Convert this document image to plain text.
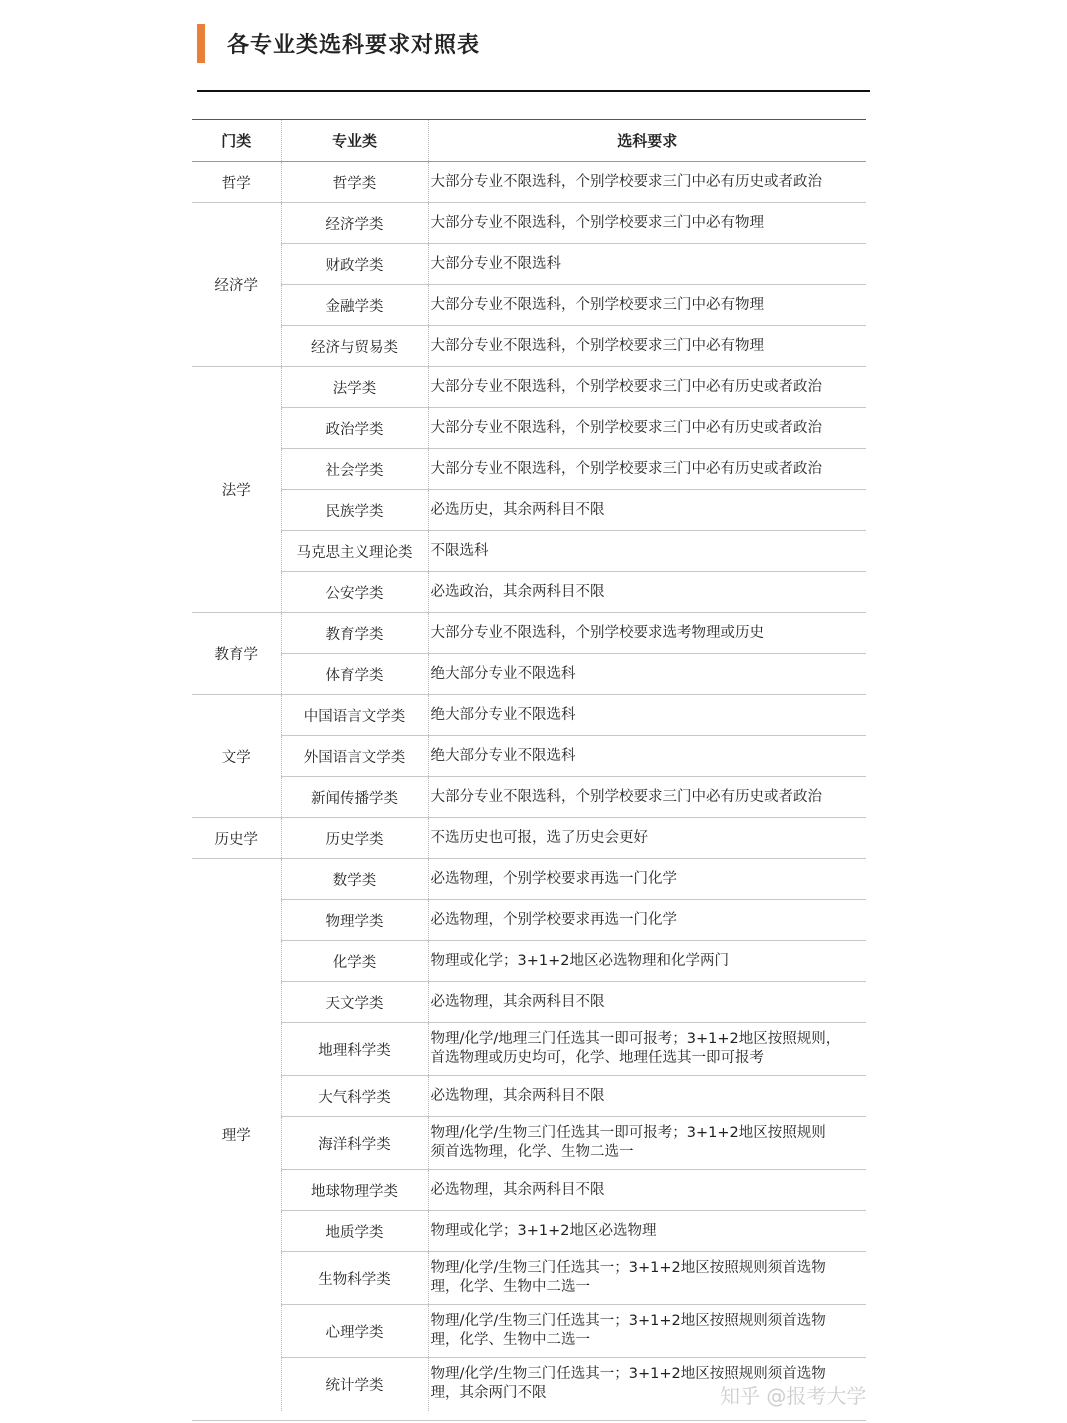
各专业类选科要求对照表
门类	专业类	选科要求
哲学	哲学类	大部分专业不限选科，个别学校要求三门中必有历史或者政治

经济学	经济学类	大部分专业不限选科，个别学校要求三门中必有物理

	财政学类	大部分专业不限选科

	金融学类	大部分专业不限选科，个别学校要求三门中必有物理

	经济与贸易类	大部分专业不限选科，个别学校要求三门中必有物理

法学	法学类	大部分专业不限选科，个别学校要求三门中必有历史或者政治

	政治学类	大部分专业不限选科，个别学校要求三门中必有历史或者政治

	社会学类	大部分专业不限选科，个别学校要求三门中必有历史或者政治

	民族学类	必选历史，其余两科目不限

	马克思主义理论类	不限选科

	公安学类	必选政治，其余两科目不限

教育学	教育学类	大部分专业不限选科，个别学校要求选考物理或历史

	体育学类	绝大部分专业不限选科

文学	中国语言文学类	绝大部分专业不限选科

	外国语言文学类	绝大部分专业不限选科

	新闻传播学类	大部分专业不限选科，个别学校要求三门中必有历史或者政治

历史学	历史学类	不选历史也可报，选了历史会更好

理学	数学类	必选物理，个别学校要求再选一门化学

	物理学类	必选物理，个别学校要求再选一门化学

	化学类	物理或化学；3+1+2地区必选物理和化学两门

	天文学类	必选物理，其余两科目不限

	地理科学类	物理/化学/地理三门任选其一即可报考；3+1+2地区按照规则，
首选物理或历史均可，化学、地理任选其一即可报考

	大气科学类	必选物理，其余两科目不限

	海洋科学类	物理/化学/生物三门任选其一即可报考；3+1+2地区按照规则
须首选物理，化学、生物二选一

	地球物理学类	必选物理，其余两科目不限

	地质学类	物理或化学；3+1+2地区必选物理

	生物科学类	物理/化学/生物三门任选其一；3+1+2地区按照规则须首选物
理，化学、生物中二选一

	心理学类	物理/化学/生物三门任选其一；3+1+2地区按照规则须首选物
理，化学、生物中二选一

	统计学类	物理/化学/生物三门任选其一；3+1+2地区按照规则须首选物
理，其余两门不限	知乎 @报考大学
